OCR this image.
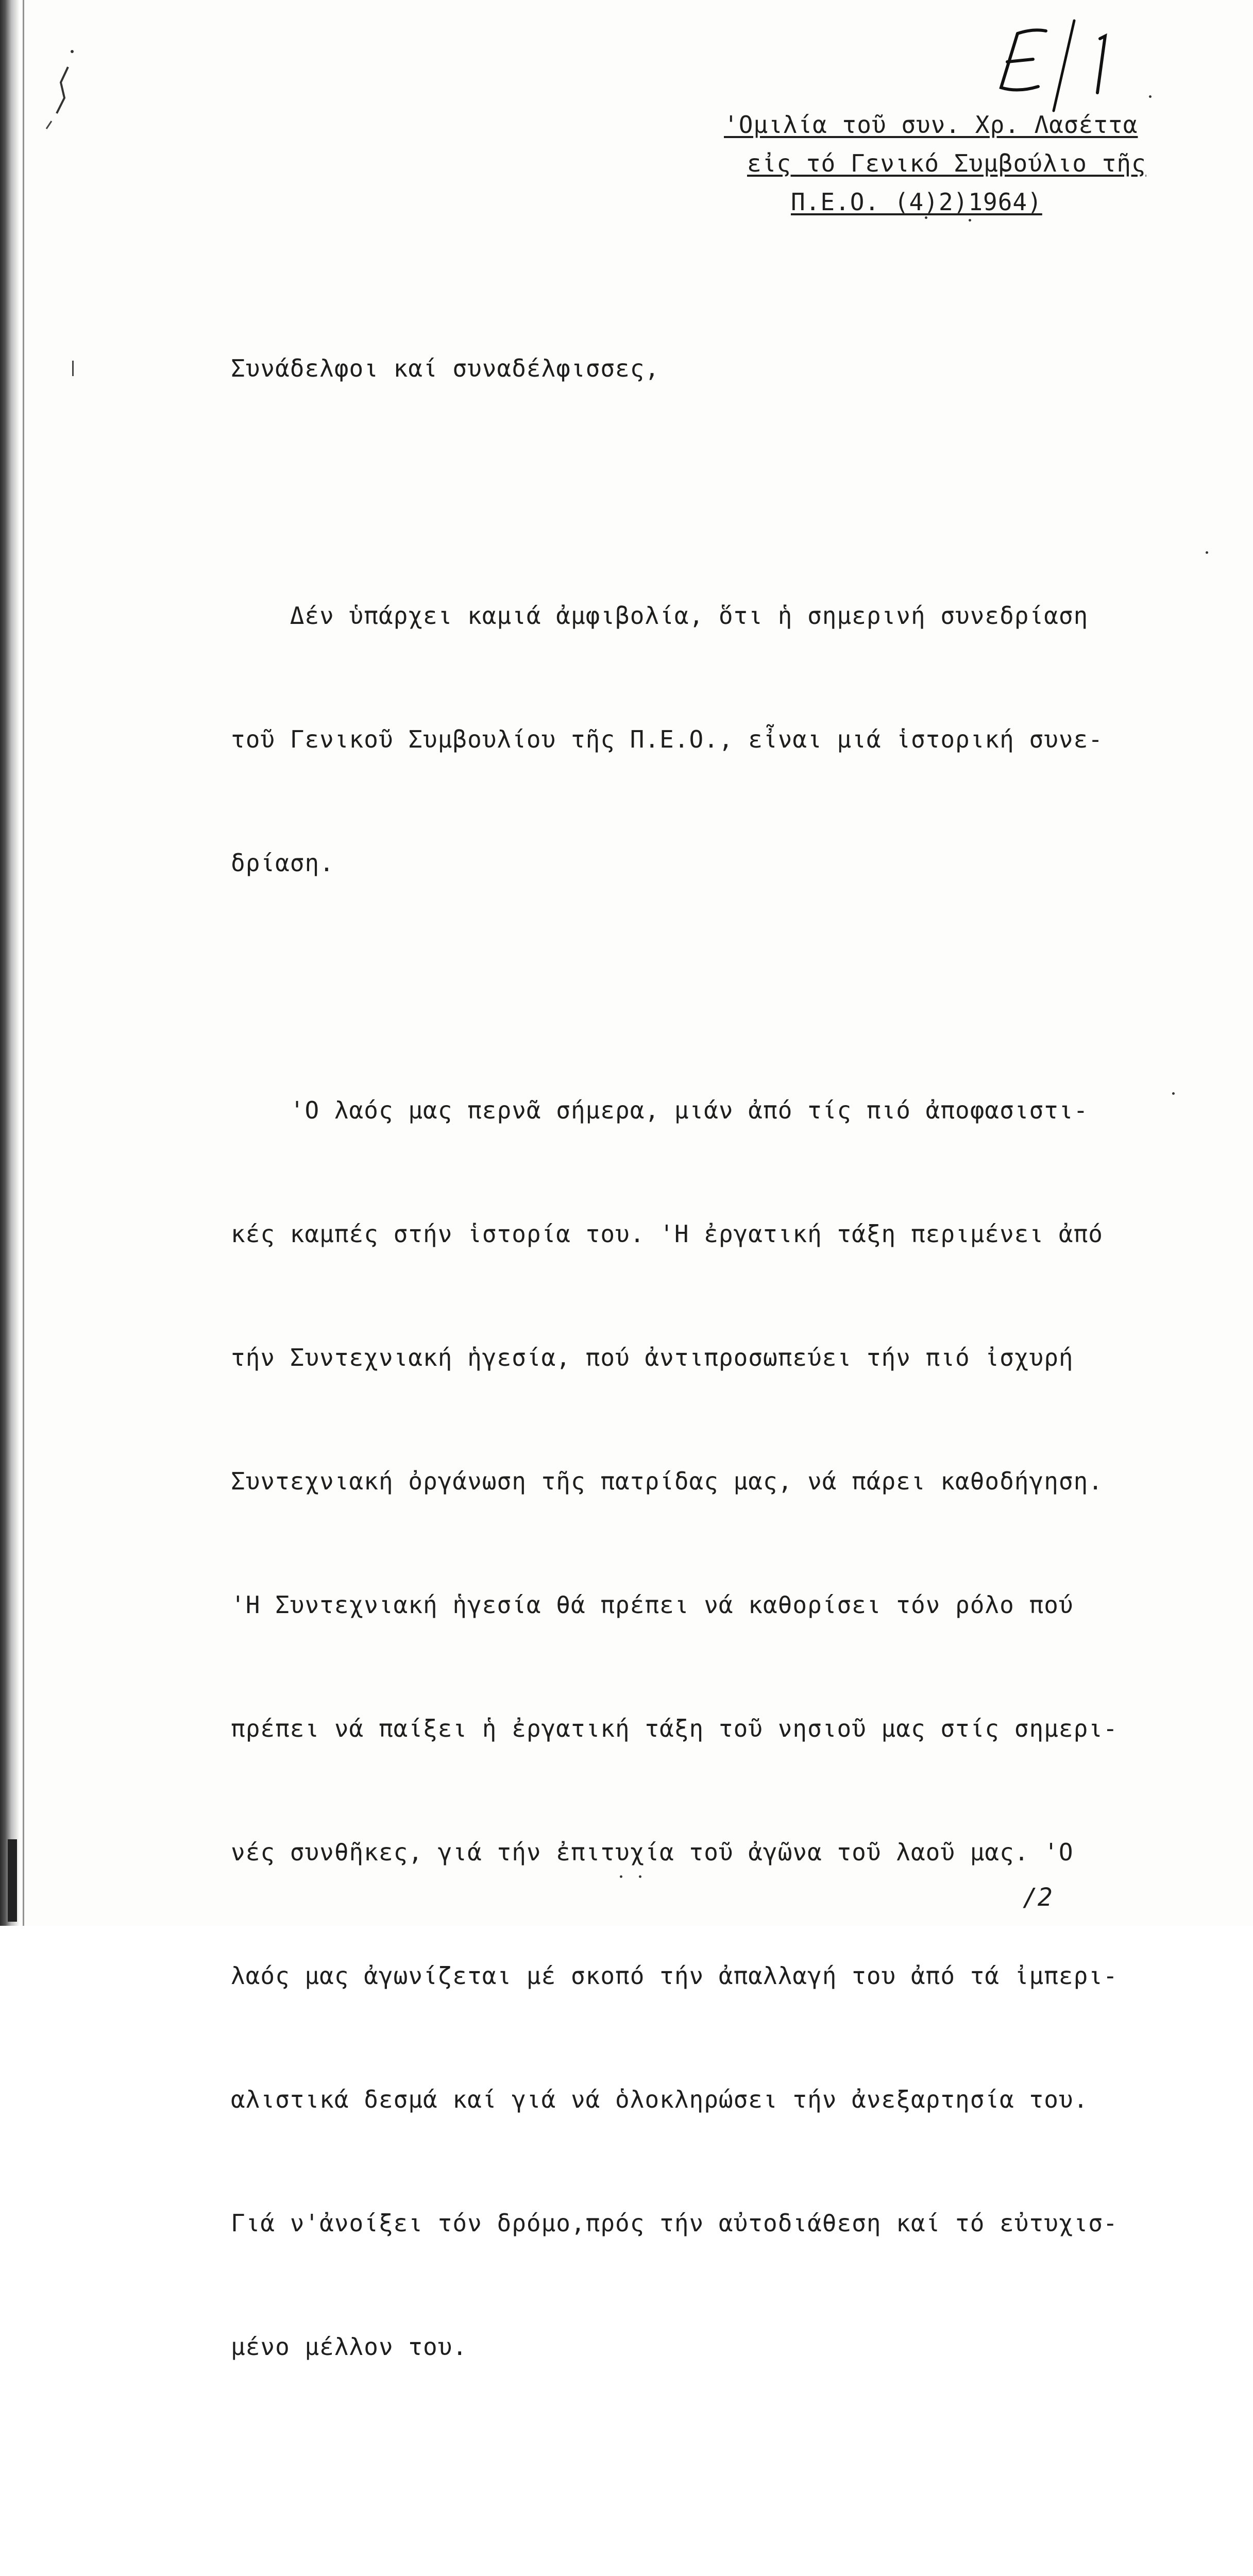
'Ομιλία τοῦ συν. Χρ. Λασέττα
εἰς τό Γενικό Συμβούλιο τῆς
Π.Ε.Ο. (4)2)1964)

Συνάδελφοι καί συναδέλφισσες,

Δέν ὑπάρχει καμιά ἀμφιβολία, ὅτι ἡ σημερινή συνεδρίαση

τοῦ Γενικοῦ Συμβουλίου τῆς Π.Ε.Ο., εἶναι μιά ἱστορική συνε-

δρίαση.

'Ο λαός μας περνᾶ σήμερα, μιάν ἀπό τίς πιό ἀποφασιστι-

κές καμπές στήν ἱστορία του. 'Η ἐργατική τάξη περιμένει ἀπό

τήν Συντεχνιακή ἡγεσία, πού ἀντιπροσωπεύει τήν πιό ἰσχυρή

Συντεχνιακή ὀργάνωση τῆς πατρίδας μας, νά πάρει καθοδήγηση.

'Η Συντεχνιακή ἡγεσία θά πρέπει νά καθορίσει τόν ρόλο πού

πρέπει νά παίξει ἡ ἐργατική τάξη τοῦ νησιοῦ μας στίς σημερι-

νές συνθῆκες, γιά τήν ἐπιτυχία τοῦ ἀγῶνα τοῦ λαοῦ μας. 'Ο

λαός μας ἀγωνίζεται μέ σκοπό τήν ἀπαλλαγή του ἀπό τά ἰμπερι-

αλιστικά δεσμά καί γιά νά ὁλοκληρώσει τήν ἀνεξαρτησία του.

Γιά ν'ἀνοίξει τόν δρόμο,πρός τήν αὐτοδιάθεση καί τό εὐτυχισ-

μένο μέλλον του.

/2
